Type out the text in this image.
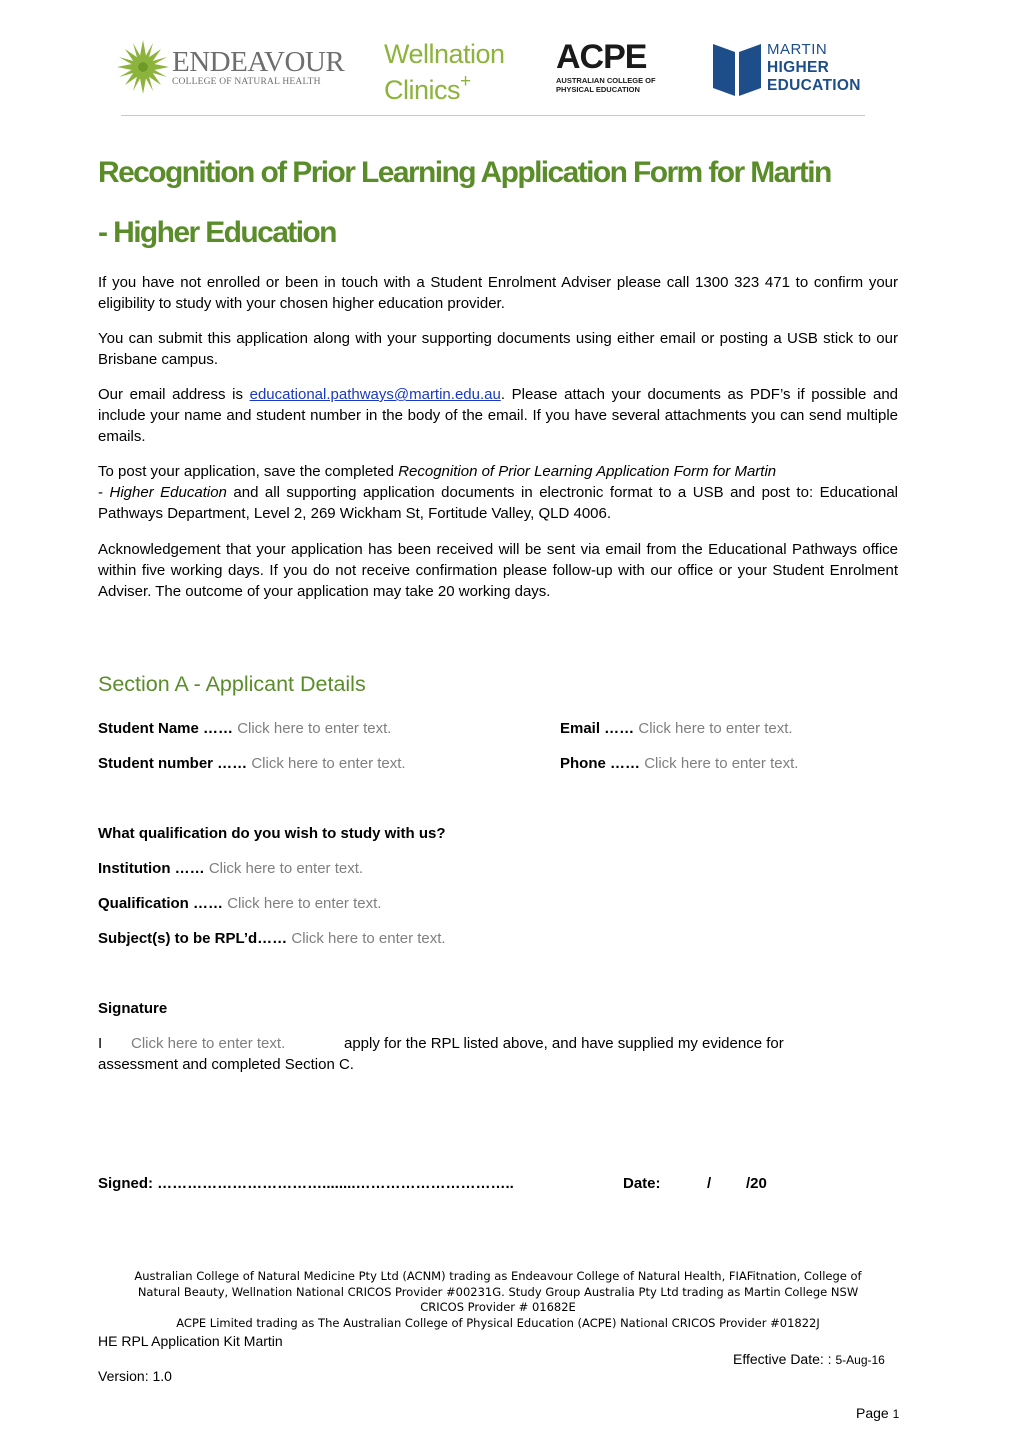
ENDEAVOUR
COLLEGE OF NATURAL HEALTH
Wellnation
Clinics+
ACPE
AUSTRALIAN COLLEGE OF
PHYSICAL EDUCATION
MARTIN
HIGHER
EDUCATION
Recognition of Prior Learning Application Form for Martin
- Higher Education
If you have not enrolled or been in touch with a Student Enrolment Adviser please call 1300 323 471 to confirm your eligibility to study with your chosen higher education provider.
You can submit this application along with your supporting documents using either email or posting a USB stick to our Brisbane campus.
Our email address is educational.pathways@martin.edu.au. Please attach your documents as PDF’s if possible and include your name and student number in the body of the email. If you have several attachments you can send multiple emails.
To post your application, save the completed Recognition of Prior Learning Application Form for Martin
- Higher Education and all supporting application documents in electronic format to a USB and post to: Educational Pathways Department, Level 2, 269 Wickham St, Fortitude Valley, QLD 4006.
Acknowledgement that your application has been received will be sent via email from the Educational Pathways office within five working days. If you do not receive confirmation please follow-up with our office or your Student Enrolment Adviser. The outcome of your application may take 20 working days.
Section A - Applicant Details
Student Name …… Click here to enter text.	Email …… Click here to enter text.
Student number …… Click here to enter text.	Phone …… Click here to enter text.
What qualification do you wish to study with us?
Institution …… Click here to enter text.
Qualification …… Click here to enter text.
Subject(s) to be RPL’d…… Click here to enter text.
Signature
I Click here to enter text.	apply for the RPL listed above, and have supplied my evidence for
assessment and completed Section C.
Signed: ……………………………........…………………………..	Date:	/ /20
Australian College of Natural Medicine Pty Ltd (ACNM) trading as Endeavour College of Natural Health, FIAFitnation, College of
Natural Beauty, Wellnation National CRICOS Provider #00231G. Study Group Australia Pty Ltd trading as Martin College NSW
CRICOS Provider # 01682E
ACPE Limited trading as The Australian College of Physical Education (ACPE) National CRICOS Provider #01822J
HE RPL Application Kit Martin
Effective Date: : 5-Aug-16
Version: 1.0
Page 1
